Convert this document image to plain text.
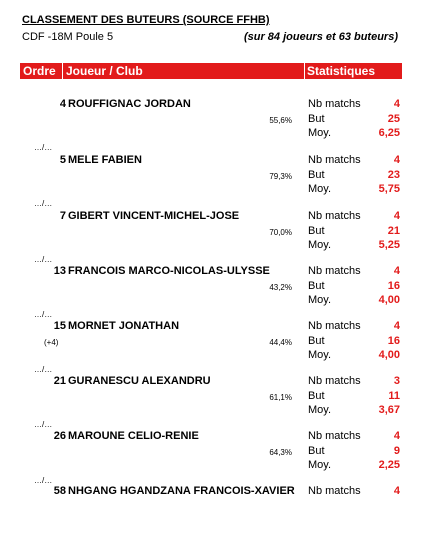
CLASSEMENT DES BUTEURS (SOURCE FFHB)
CDF -18M Poule 5	(sur 84 joueurs et 63 buteurs)
Ordre Joueur / Club	Statistiques
4 ROUFFIGNAC JORDAN
55,6%
Nb matchs	4
But	25
Moy.	6,25
…/…
5 MELE FABIEN
79,3%
Nb matchs	4
But	23
Moy.	5,75
…/…
7 GIBERT VINCENT-MICHEL-JOSE
70,0%
Nb matchs	4
But	21
Moy.	5,25
…/…
13 FRANCOIS MARCO-NICOLAS-ULYSSE
43,2%
Nb matchs	4
But	16
Moy.	4,00
…/…
15 MORNET JONATHAN
(+4)	44,4%
Nb matchs	4
But	16
Moy.	4,00
…/…
21 GURANESCU ALEXANDRU
61,1%
Nb matchs	3
But	11
Moy.	3,67
…/…
26 MAROUNE CELIO-RENIE
64,3%
Nb matchs	4
But	9
Moy.	2,25
…/…
58 NHGANG HGANDZANA FRANCOIS-XAVIER Nb matchs	4
